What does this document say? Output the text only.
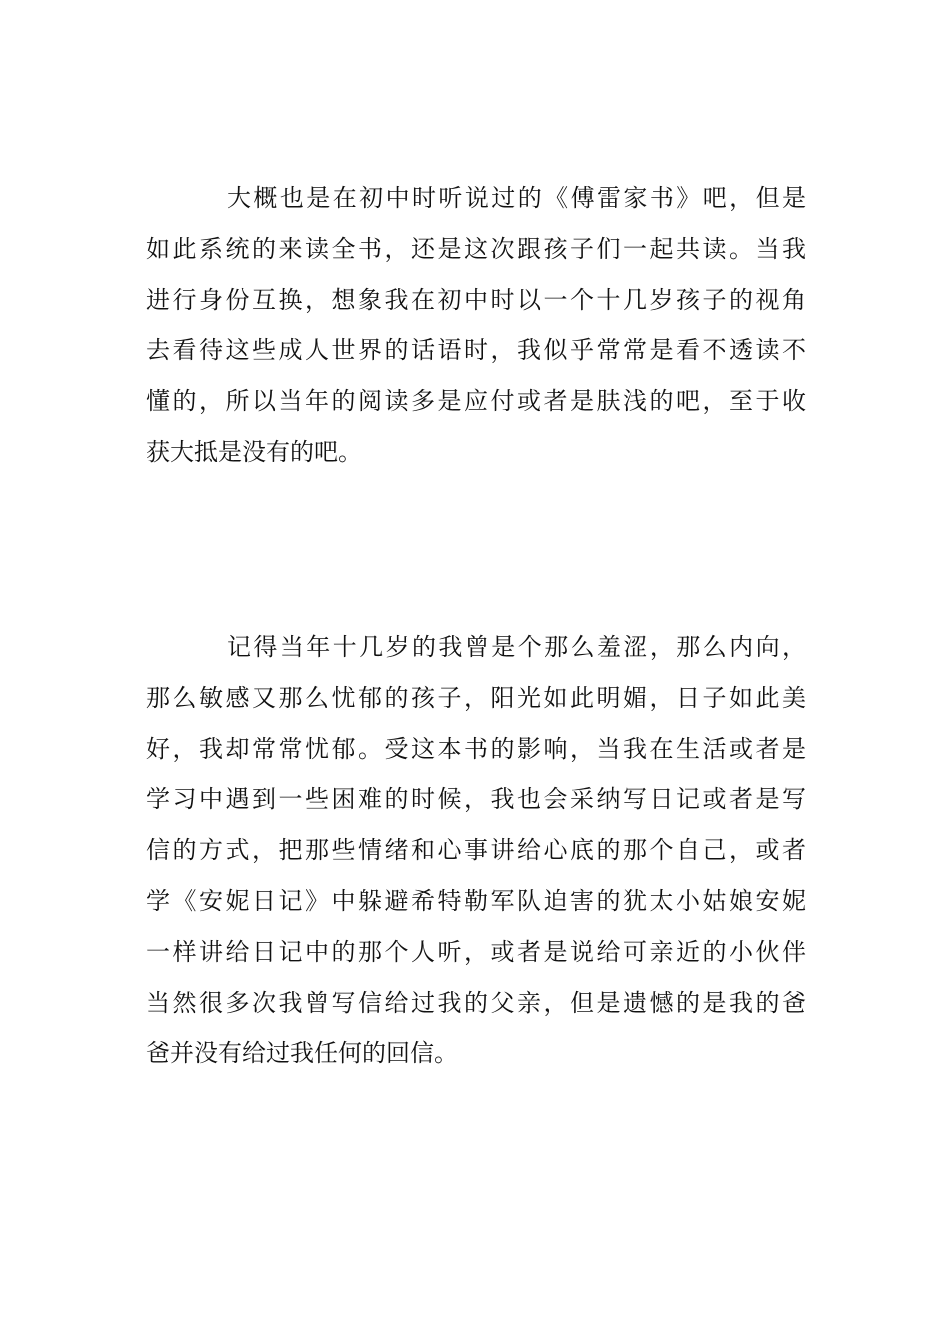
大概也是在初中时听说过的《傅雷家书》吧，但是
如此系统的来读全书，还是这次跟孩子们一起共读。当我
进行身份互换，想象我在初中时以一个十几岁孩子的视角
去看待这些成人世界的话语时，我似乎常常是看不透读不
懂的，所以当年的阅读多是应付或者是肤浅的吧，至于收
获大抵是没有的吧。
记得当年十几岁的我曾是个那么羞涩，那么内向，
那么敏感又那么忧郁的孩子，阳光如此明媚，日子如此美
好，我却常常忧郁。受这本书的影响，当我在生活或者是
学习中遇到一些困难的时候，我也会采纳写日记或者是写
信的方式，把那些情绪和心事讲给心底的那个自己，或者
学《安妮日记》中躲避希特勒军队迫害的犹太小姑娘安妮
一样讲给日记中的那个人听，或者是说给可亲近的小伙伴
当然很多次我曾写信给过我的父亲，但是遗憾的是我的爸
爸并没有给过我任何的回信。
